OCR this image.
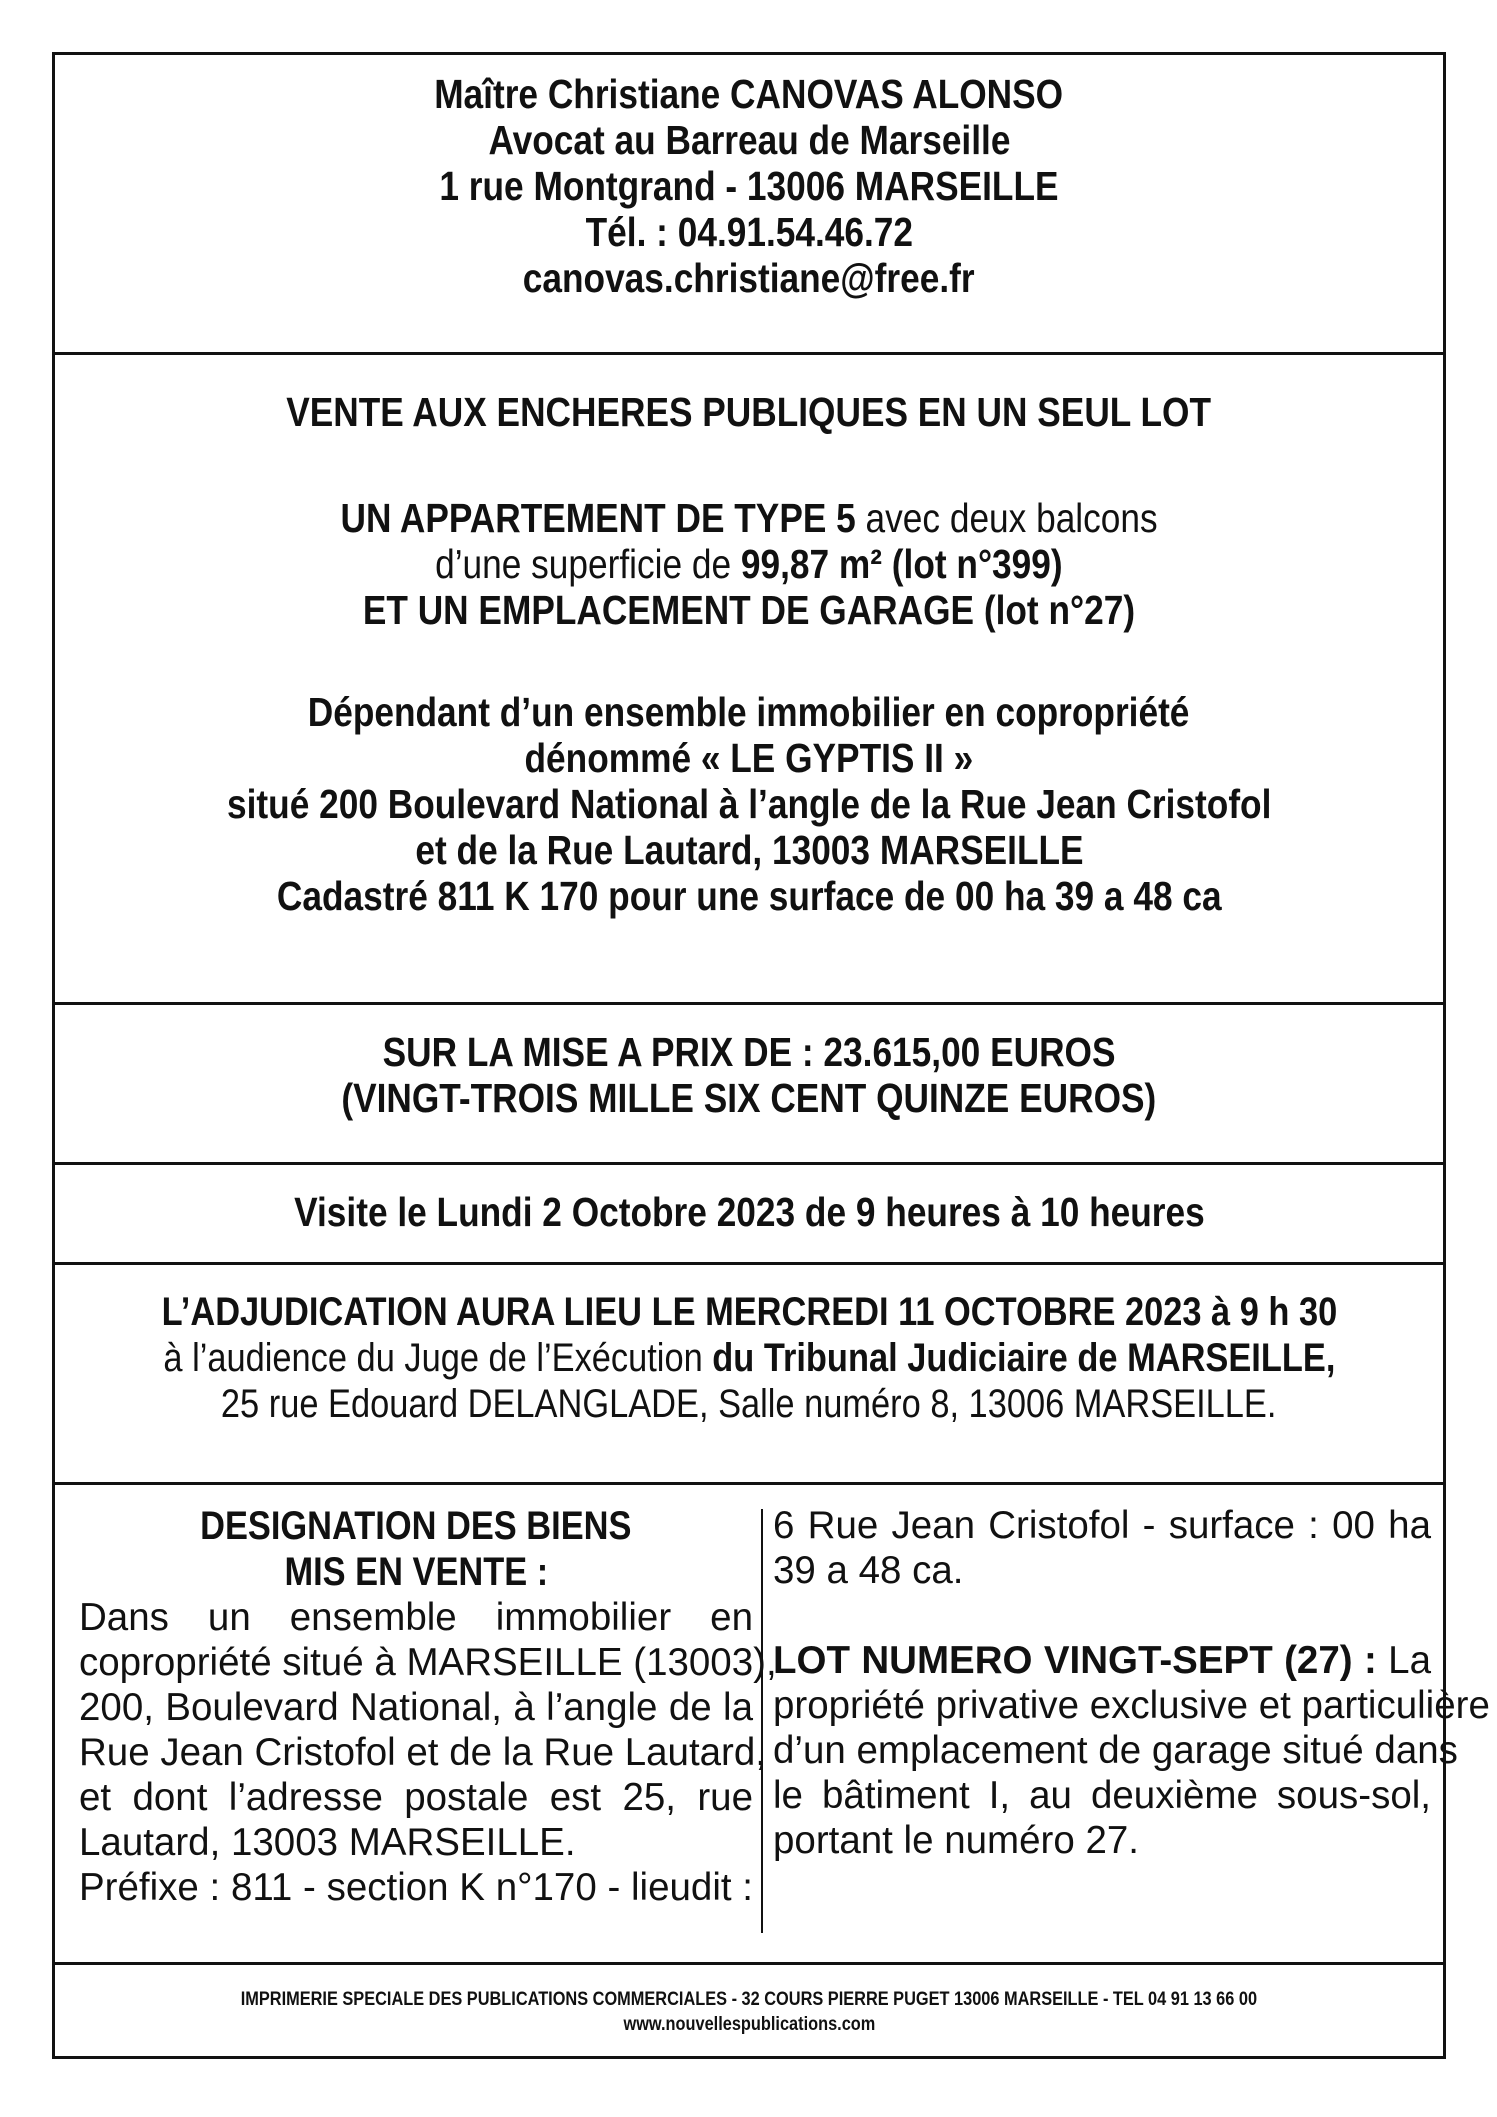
Maître Christiane CANOVAS ALONSO
Avocat au Barreau de Marseille
1 rue Montgrand - 13006 MARSEILLE
Tél. : 04.91.54.46.72
canovas.christiane@free.fr
VENTE AUX ENCHERES PUBLIQUES EN UN SEUL LOT
UN APPARTEMENT DE TYPE 5 avec deux balcons
d’une superficie de 99,87 m² (lot n°399)
ET UN EMPLACEMENT DE GARAGE (lot n°27)
Dépendant d’un ensemble immobilier en copropriété
dénommé « LE GYPTIS II »
situé 200 Boulevard National à l’angle de la Rue Jean Cristofol
et de la Rue Lautard, 13003 MARSEILLE
Cadastré 811 K 170 pour une surface de 00 ha 39 a 48 ca
SUR LA MISE A PRIX DE : 23.615,00 EUROS
(VINGT-TROIS MILLE SIX CENT QUINZE EUROS)
Visite le Lundi 2 Octobre 2023 de 9 heures à 10 heures
L’ADJUDICATION AURA LIEU LE MERCREDI 11 OCTOBRE 2023 à 9 h 30
à l’audience du Juge de l’Exécution du Tribunal Judiciaire de MARSEILLE,
25 rue Edouard DELANGLADE, Salle numéro 8, 13006 MARSEILLE.
DESIGNATION DES BIENS
MIS EN VENTE :
Dans un ensemble immobilier en
copropriété situé à MARSEILLE (13003),
200, Boulevard National, à l’angle de la
Rue Jean Cristofol et de la Rue Lautard,
et dont l’adresse postale est 25, rue
Lautard, 13003 MARSEILLE.
Préfixe : 811 - section K n°170 - lieudit :
6 Rue Jean Cristofol - surface : 00 ha
39 a 48 ca.
LOT NUMERO VINGT-SEPT (27) : La
propriété privative exclusive et particulière
d’un emplacement de garage situé dans
le bâtiment I, au deuxième sous-sol,
portant le numéro 27.
IMPRIMERIE SPECIALE DES PUBLICATIONS COMMERCIALES - 32 COURS PIERRE PUGET 13006 MARSEILLE - TEL 04 91 13 66 00
www.nouvellespublications.com
